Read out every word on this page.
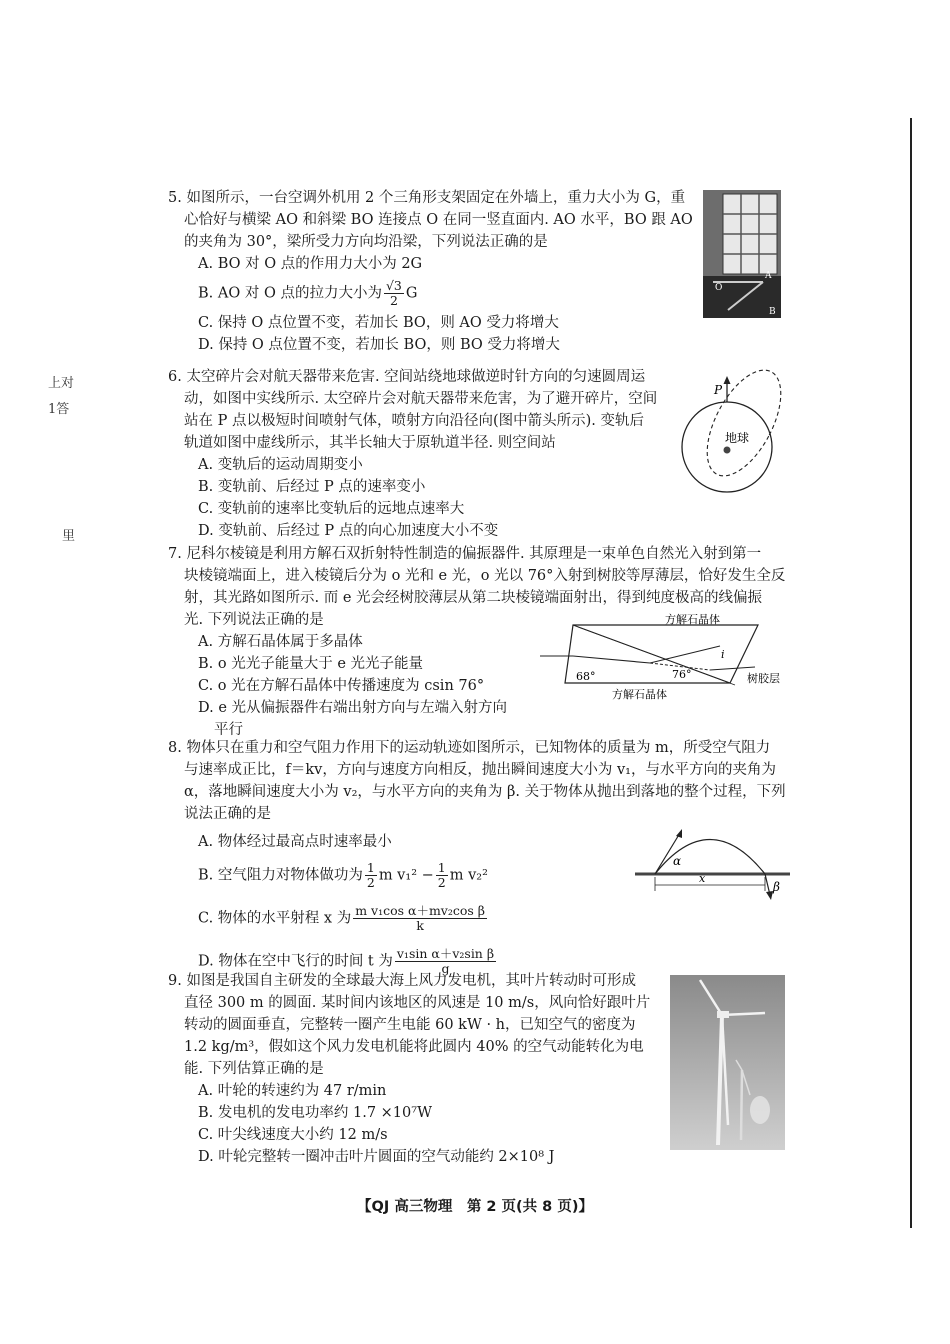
上对
1答
里

5. 如图所示，一台空调外机用 2 个三角形支架固定在外墙上，重力大小为 G，重

心恰好与横梁 AO 和斜梁 BO 连接点 O 在同一竖直面内. AO 水平，BO 跟 AO

的夹角为 30°，梁所受力方向均沿梁，下列说法正确的是

A. BO 对 O 点的作用力大小为 2G

B. AO 对 O 点的拉力大小为 $\frac{√3}{2}$ G

C. 保持 O 点位置不变，若加长 BO，则 AO 受力将增大

D. 保持 O 点位置不变，若加长 BO，则 BO 受力将增大

O
A
B

6. 太空碎片会对航天器带来危害. 空间站绕地球做逆时针方向的匀速圆周运

动，如图中实线所示. 太空碎片会对航天器带来危害，为了避开碎片，空间

站在 P 点以极短时间喷射气体，喷射方向沿径向(图中箭头所示). 变轨后

轨道如图中虚线所示，其半长轴大于原轨道半径. 则空间站

A. 变轨后的运动周期变小

B. 变轨前、后经过 P 点的速率变小

C. 变轨前的速率比变轨后的远地点速率大

D. 变轨前、后经过 P 点的向心加速度大小不变

P
地球

7. 尼科尔棱镜是利用方解石双折射特性制造的偏振器件. 其原理是一束单色自然光入射到第一

块棱镜端面上，进入棱镜后分为 o 光和 e 光，o 光以 76°入射到树胶等厚薄层，恰好发生全反

射，其光路如图所示. 而 e 光会经树胶薄层从第二块棱镜端面射出，得到纯度极高的线偏振

光. 下列说法正确的是

A. 方解石晶体属于多晶体

B. o 光光子能量大于 e 光光子能量

C. o 光在方解石晶体中传播速度为 csin 76°

D. e 光从偏振器件右端出射方向与左端入射方向

平行

方解石晶体
方解石晶体
树胶层
68°	76°
i

8. 物体只在重力和空气阻力作用下的运动轨迹如图所示，已知物体的质量为 m，所受空气阻力

与速率成正比，f＝kv，方向与速度方向相反，抛出瞬间速度大小为 v₁，与水平方向的夹角为

α，落地瞬间速度大小为 v₂，与水平方向的夹角为 β. 关于物体从抛出到落地的整个过程，下列

说法正确的是

A. 物体经过最高点时速率最小

B. 空气阻力对物体做功为 $\frac{1}{2}$ m $v_1^2 - \frac{1}{2}$ m v₂²

C. 物体的水平射程 x 为 $\frac{\text{m v₁cos α＋mv₂cos β}}{k}$

D. 物体在空中飞行的时间 t 为 $\frac{\text{v₁sin α＋v₂sin β}}{g}$

α
β
x

9. 如图是我国自主研发的全球最大海上风力发电机，其叶片转动时可形成

直径 300 m 的圆面. 某时间内该地区的风速是 10 m/s，风向恰好跟叶片

转动的圆面垂直，完整转一圈产生电能 60 kW · h，已知空气的密度为

1.2 kg/m³，假如这个风力发电机能将此圆内 40% 的空气动能转化为电

能. 下列估算正确的是

A. 叶轮的转速约为 47 r/min

B. 发电机的发电功率约 1.7 ×10⁷W

C. 叶尖线速度大小约 12 m/s

D. 叶轮完整转一圈冲击叶片圆面的空气动能约 2×10⁸ J

【QJ 高三物理　第 2 页(共 8 页)】
